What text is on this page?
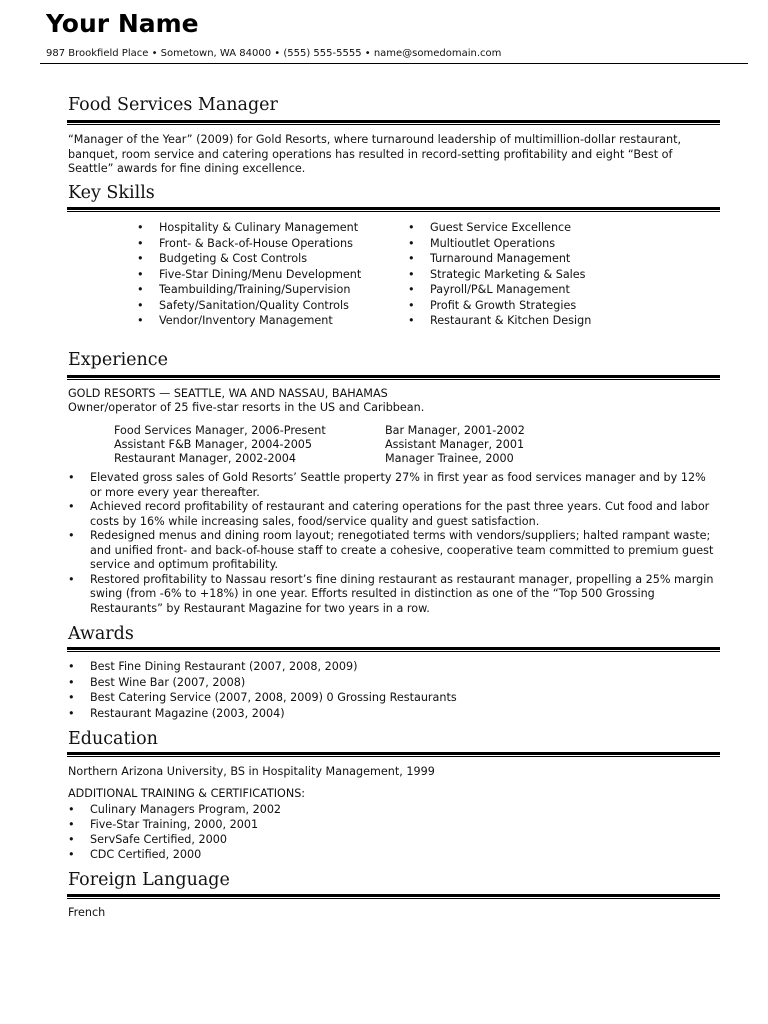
Your Name
987 Brookfield Place • Sometown, WA 84000 • (555) 555-5555 • name@somedomain.com
Food Services Manager
“Manager of the Year” (2009) for Gold Resorts, where turnaround leadership of multimillion-dollar restaurant, banquet, room service and catering operations has resulted in record-setting profitability and eight “Best of Seattle” awards for fine dining excellence.
Key Skills
• Hospitality & Culinary Management
• Front- & Back-of-House Operations
• Budgeting & Cost Controls
• Five-Star Dining/Menu Development
• Teambuilding/Training/Supervision
• Safety/Sanitation/Quality Controls
• Vendor/Inventory Management
• Guest Service Excellence
• Multioutlet Operations
• Turnaround Management
• Strategic Marketing & Sales
• Payroll/P&L Management
• Profit & Growth Strategies
• Restaurant & Kitchen Design
Experience
GOLD RESORTS — SEATTLE, WA AND NASSAU, BAHAMAS
Owner/operator of 25 five-star resorts in the US and Caribbean.
Food Services Manager, 2006-Present
Assistant F&B Manager, 2004-2005
Restaurant Manager, 2002-2004
Bar Manager, 2001-2002
Assistant Manager, 2001
Manager Trainee, 2000
• Elevated gross sales of Gold Resorts’ Seattle property 27% in first year as food services manager and by 12% or more every year thereafter.
• Achieved record profitability of restaurant and catering operations for the past three years. Cut food and labor costs by 16% while increasing sales, food/service quality and guest satisfaction.
• Redesigned menus and dining room layout; renegotiated terms with vendors/suppliers; halted rampant waste; and unified front- and back-of-house staff to create a cohesive, cooperative team committed to premium guest service and optimum profitability.
• Restored profitability to Nassau resort’s fine dining restaurant as restaurant manager, propelling a 25% margin swing (from -6% to +18%) in one year. Efforts resulted in distinction as one of the “Top 500 Grossing Restaurants” by Restaurant Magazine for two years in a row.
Awards
• Best Fine Dining Restaurant (2007, 2008, 2009)
• Best Wine Bar (2007, 2008)
• Best Catering Service (2007, 2008, 2009) 0 Grossing Restaurants
• Restaurant Magazine (2003, 2004)
Education
Northern Arizona University, BS in Hospitality Management, 1999
ADDITIONAL TRAINING & CERTIFICATIONS:
• Culinary Managers Program, 2002
• Five-Star Training, 2000, 2001
• ServSafe Certified, 2000
• CDC Certified, 2000
Foreign Language
French
